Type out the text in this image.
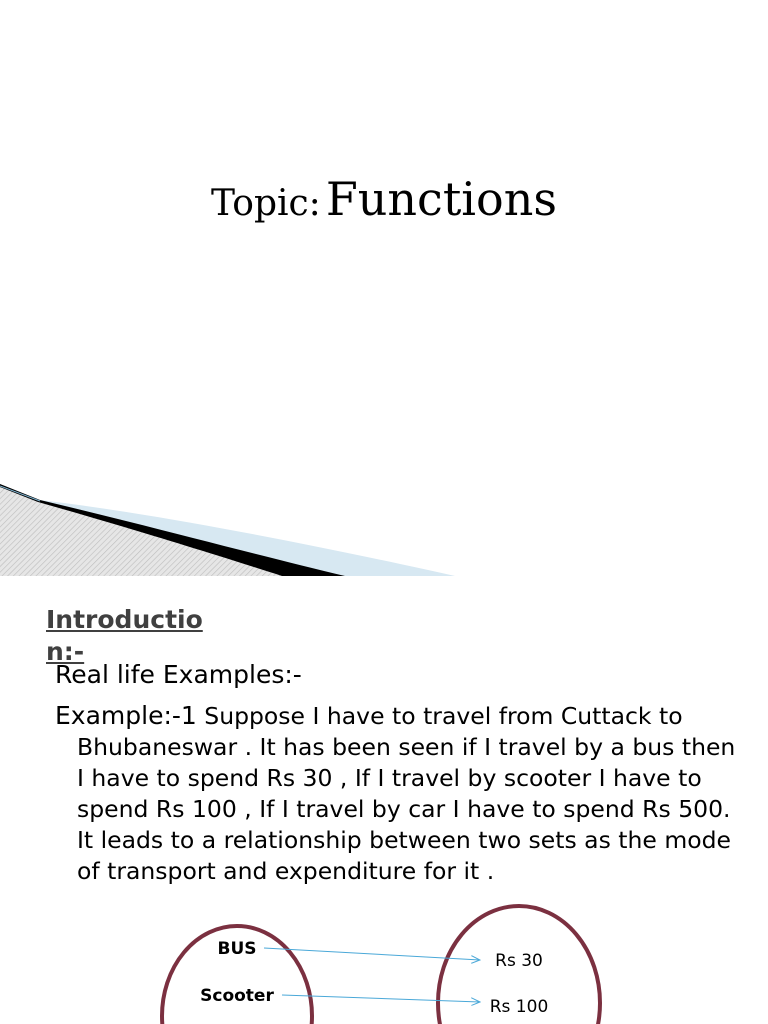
Topic: Functions
Introduction:-
Real life Examples:-
Example:-1 Suppose I have to travel from Cuttack to Bhubaneswar . It has been seen if I travel by a bus then I have to spend Rs 30 , If I travel by scooter I have to spend Rs 100 , If I travel by car I have to spend Rs 500. It leads to a relationship between two sets as the mode of transport and expenditure for it .
BUS
Scooter
Rs 30
Rs 100
